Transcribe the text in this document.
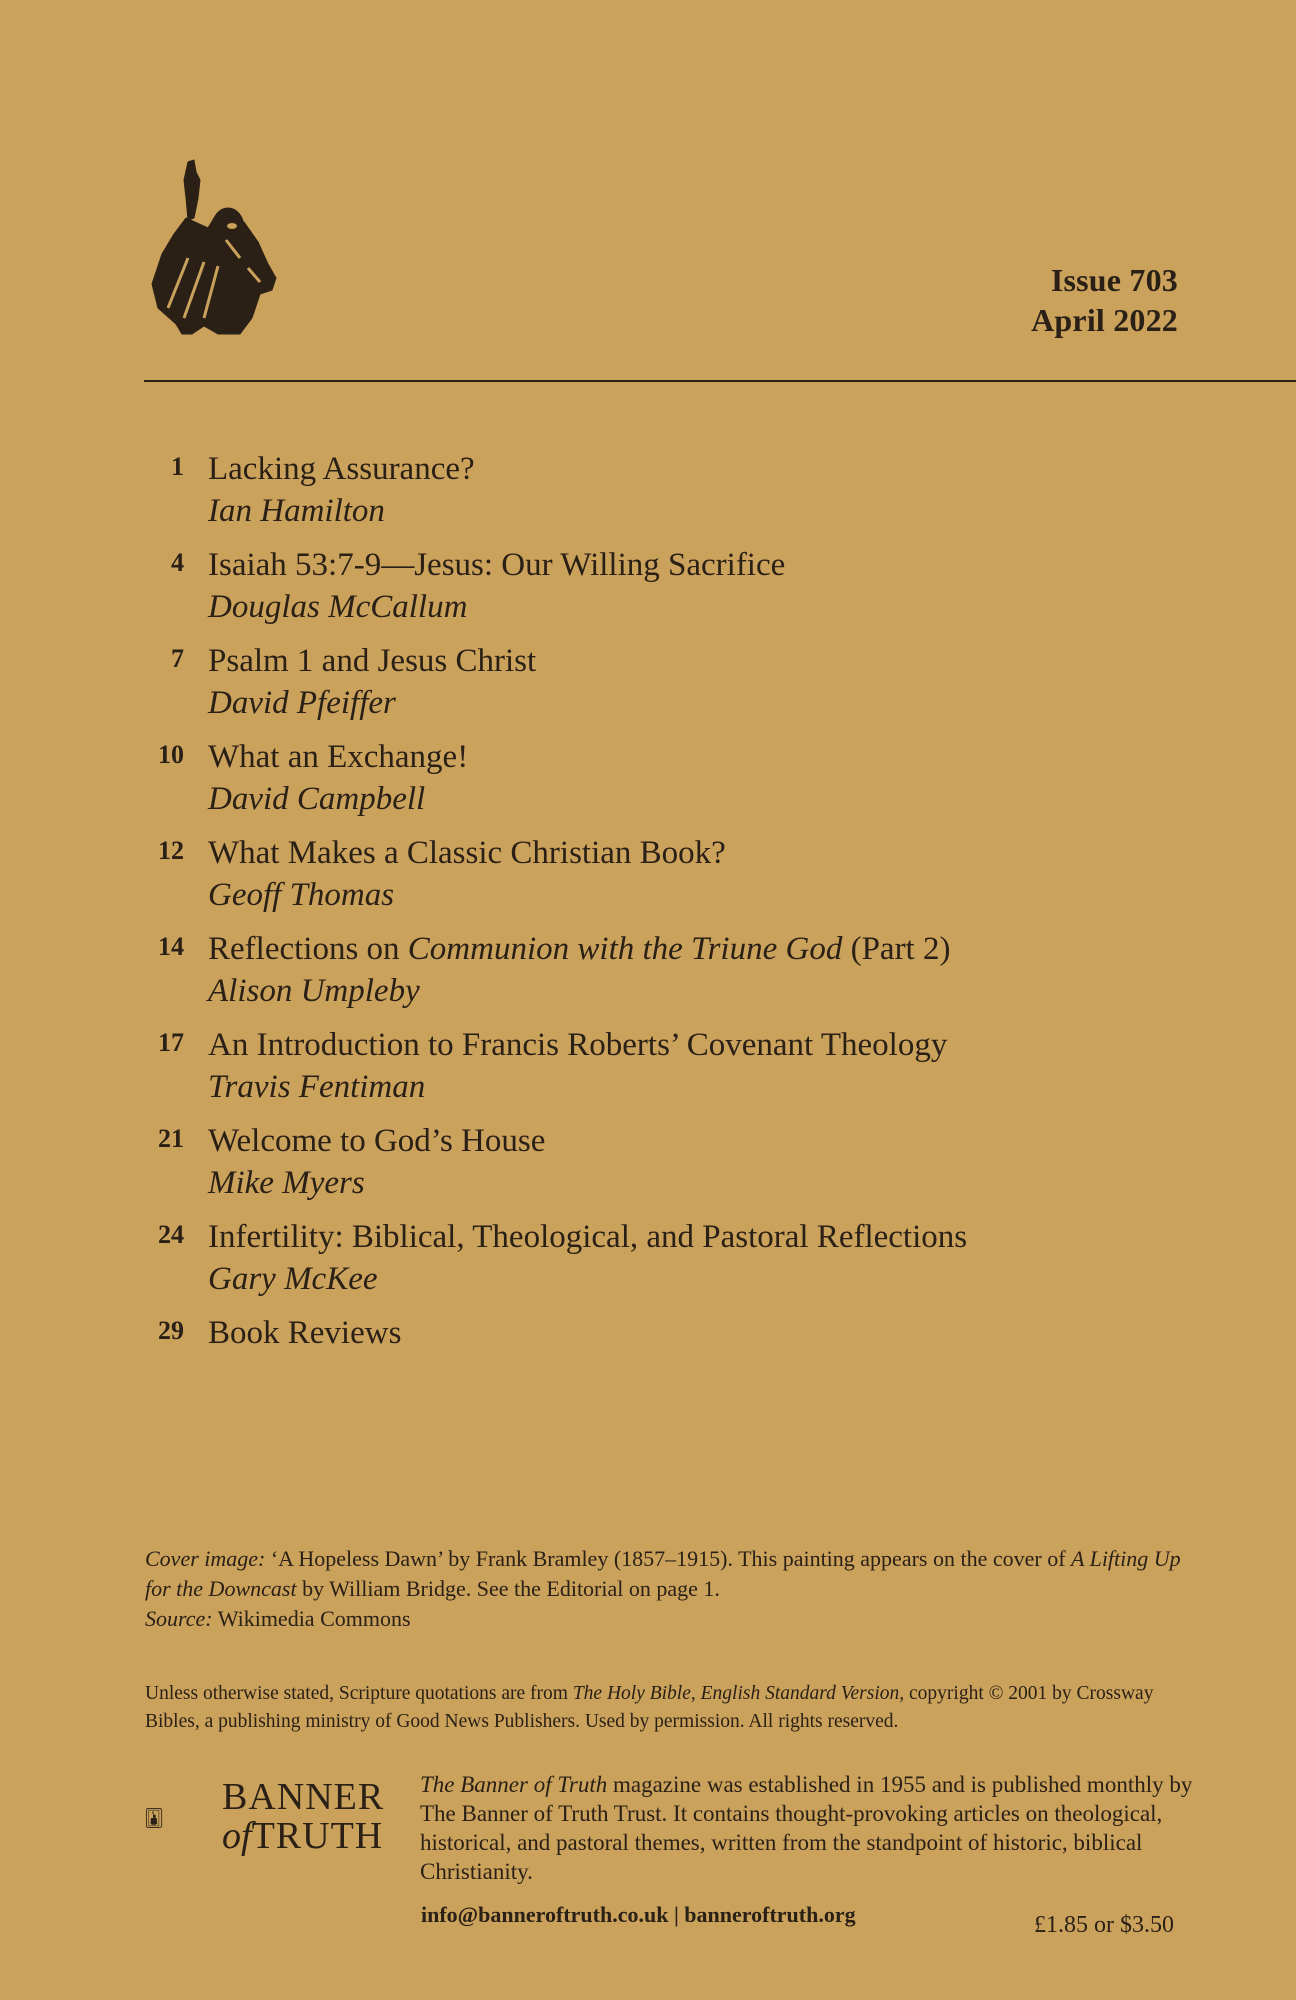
Issue 703
April 2022
1 Lacking Assurance?
Ian Hamilton
4 Isaiah 53:7-9—Jesus: Our Willing Sacrifice
Douglas McCallum
7 Psalm 1 and Jesus Christ
David Pfeiffer
10 What an Exchange!
David Campbell
12 What Makes a Classic Christian Book?
Geoff Thomas
14 Reflections on Communion with the Triune God (Part 2)
Alison Umpleby
17 An Introduction to Francis Roberts’ Covenant Theology
Travis Fentiman
21 Welcome to God’s House
Mike Myers
24 Infertility: Biblical, Theological, and Pastoral Reflections
Gary McKee
29 Book Reviews
Cover image: ‘A Hopeless Dawn’ by Frank Bramley (1857–1915). This painting appears on the cover of A Lifting Up for the Downcast by William Bridge. See the Editorial on page 1.
Source: Wikimedia Commons
Unless otherwise stated, Scripture quotations are from The Holy Bible, English Standard Version, copyright © 2001 by Crossway Bibles, a publishing ministry of Good News Publishers. Used by permission. All rights reserved.
BANNER
ofTRUTH
The Banner of Truth magazine was established in 1955 and is published monthly by The Banner of Truth Trust. It contains thought-provoking articles on theological, historical, and pastoral themes, written from the standpoint of historic, biblical Christianity.
info@banneroftruth.co.uk | banneroftruth.org	£1.85 or $3.50
